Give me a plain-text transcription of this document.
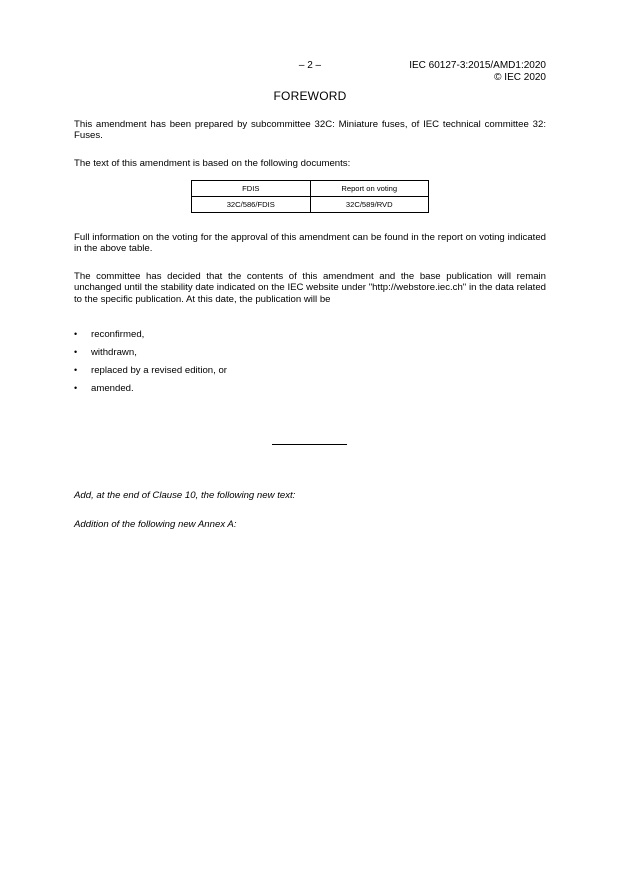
– 2 –	IEC 60127-3:2015/AMD1:2020
© IEC 2020
FOREWORD

This amendment has been prepared by subcommittee 32C: Miniature fuses, of IEC technical committee 32: Fuses.

The text of this amendment is based on the following documents:

FDIS	Report on voting
32C/586/FDIS	32C/589/RVD

Full information on the voting for the approval of this amendment can be found in the report on voting indicated in the above table.

The committee has decided that the contents of this amendment and the base publication will remain unchanged until the stability date indicated on the IEC website under "http://webstore.iec.ch" in the data related to the specific publication. At this date, the publication will be

• reconfirmed,
• withdrawn,
• replaced by a revised edition, or
• amended.

Add, at the end of Clause 10, the following new text:

Addition of the following new Annex A:
